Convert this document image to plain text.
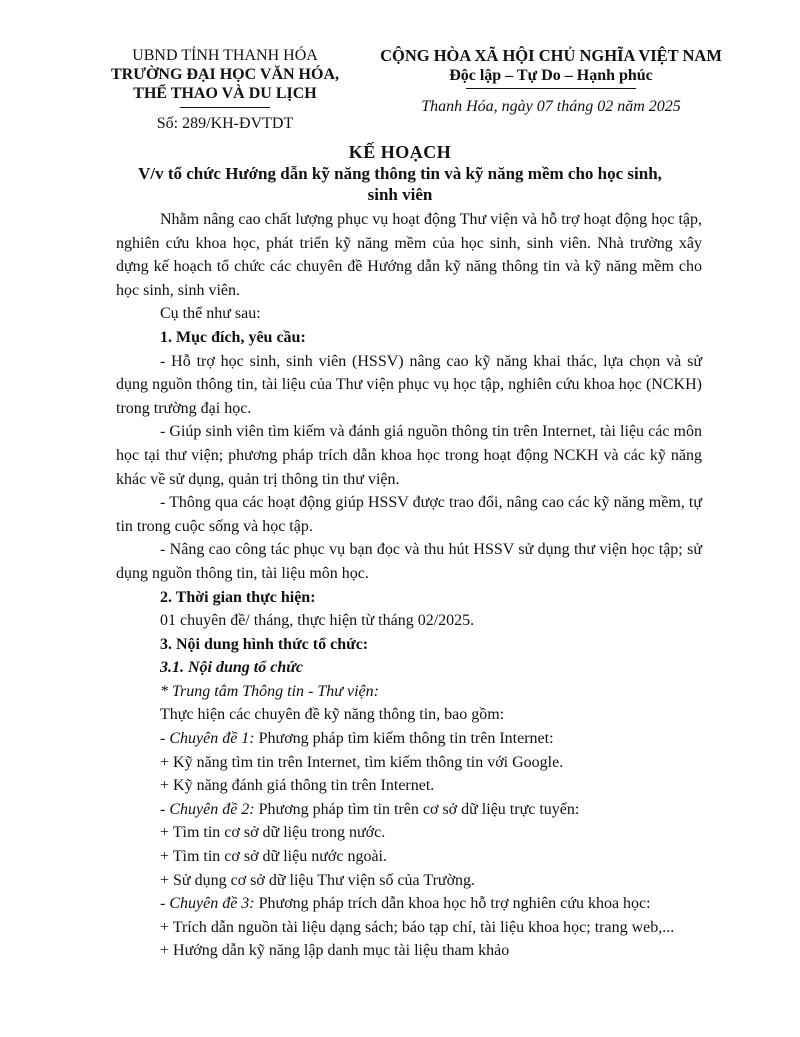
UBND TỈNH THANH HÓA
TRƯỜNG ĐẠI HỌC VĂN HÓA,
THỂ THAO VÀ DU LỊCH
Số: 289/KH-ĐVTDT
CỘNG HÒA XÃ HỘI CHỦ NGHĨA VIỆT NAM
Độc lập – Tự Do – Hạnh phúc
Thanh Hóa, ngày 07 tháng 02 năm 2025
KẾ HOẠCH
V/v tổ chức Hướng dẫn kỹ năng thông tin và kỹ năng mềm cho học sinh,
sinh viên

Nhằm nâng cao chất lượng phục vụ hoạt động Thư viện và hỗ trợ hoạt động học tập, nghiên cứu khoa học, phát triển kỹ năng mềm của học sinh, sinh viên. Nhà trường xây dựng kế hoạch tổ chức các chuyên đề Hướng dẫn kỹ năng thông tin và kỹ năng mềm cho học sinh, sinh viên.

Cụ thể như sau:

1. Mục đích, yêu cầu:

- Hỗ trợ học sinh, sinh viên (HSSV) nâng cao kỹ năng khai thác, lựa chọn và sử dụng nguồn thông tin, tài liệu của Thư viện phục vụ học tập, nghiên cứu khoa học (NCKH) trong trường đại học.

- Giúp sinh viên tìm kiếm và đánh giá nguồn thông tin trên Internet, tài liệu các môn học tại thư viện; phương pháp trích dẫn khoa học trong hoạt động NCKH và các kỹ năng khác về sử dụng, quản trị thông tin thư viện.

- Thông qua các hoạt động giúp HSSV được trao đổi, nâng cao các kỹ năng mềm, tự tin trong cuộc sống và học tập.

- Nâng cao công tác phục vụ bạn đọc và thu hút HSSV sử dụng thư viện học tập; sử dụng nguồn thông tin, tài liệu môn học.

2. Thời gian thực hiện:

01 chuyên đề/ tháng, thực hiện từ tháng 02/2025.

3. Nội dung hình thức tổ chức:

3.1. Nội dung tổ chức

* Trung tâm Thông tin - Thư viện:

Thực hiện các chuyên đề kỹ năng thông tin, bao gồm:

- Chuyên đề 1: Phương pháp tìm kiếm thông tin trên Internet:

+ Kỹ năng tìm tin trên Internet, tìm kiếm thông tin với Google.

+ Kỹ năng đánh giá thông tin trên Internet.

- Chuyên đề 2: Phương pháp tìm tin trên cơ sở dữ liệu trực tuyến:

+ Tìm tin cơ sở dữ liệu trong nước.

+ Tìm tin cơ sở dữ liệu nước ngoài.

+ Sử dụng cơ sở dữ liệu Thư viện số của Trường.

- Chuyên đề 3: Phương pháp trích dẫn khoa học hỗ trợ nghiên cứu khoa học:

+ Trích dẫn nguồn tài liệu dạng sách; báo tạp chí, tài liệu khoa học; trang web,...

+ Hướng dẫn kỹ năng lập danh mục tài liệu tham khảo
